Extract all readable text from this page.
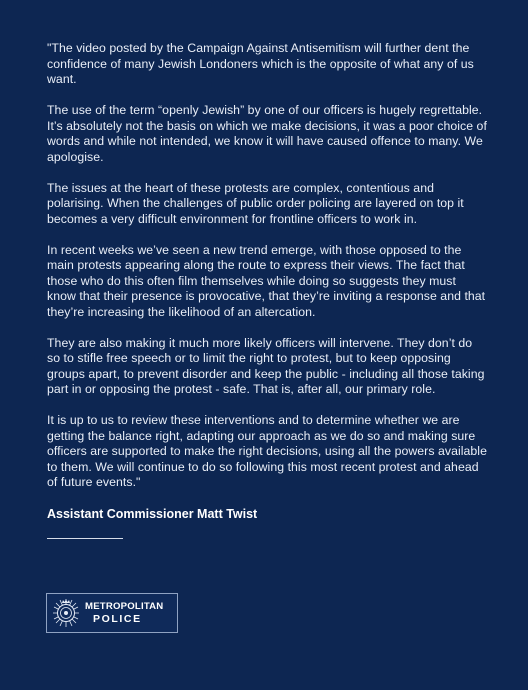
"The video posted by the Campaign Against Antisemitism will further dent the confidence of many Jewish Londoners which is the opposite of what any of us want.

The use of the term “openly Jewish” by one of our officers is hugely regrettable. It’s absolutely not the basis on which we make decisions, it was a poor choice of words and while not intended, we know it will have caused offence to many. We apologise.

The issues at the heart of these protests are complex, contentious and polarising. When the challenges of public order policing are layered on top it becomes a very difficult environment for frontline officers to work in.

In recent weeks we’ve seen a new trend emerge, with those opposed to the main protests appearing along the route to express their views. The fact that those who do this often film themselves while doing so suggests they must know that their presence is provocative, that they’re inviting a response and that they’re increasing the likelihood of an altercation.

They are also making it much more likely officers will intervene. They don’t do so to stifle free speech or to limit the right to protest, but to keep opposing groups apart, to prevent disorder and keep the public - including all those taking part in or opposing the protest - safe. That is, after all, our primary role.

It is up to us to review these interventions and to determine whether we are getting the balance right, adapting our approach as we do so and making sure officers are supported to make the right decisions, using all the powers available to them. We will continue to do so following this most recent protest and ahead of future events."

Assistant Commissioner Matt Twist

METROPOLITAN
POLICE
